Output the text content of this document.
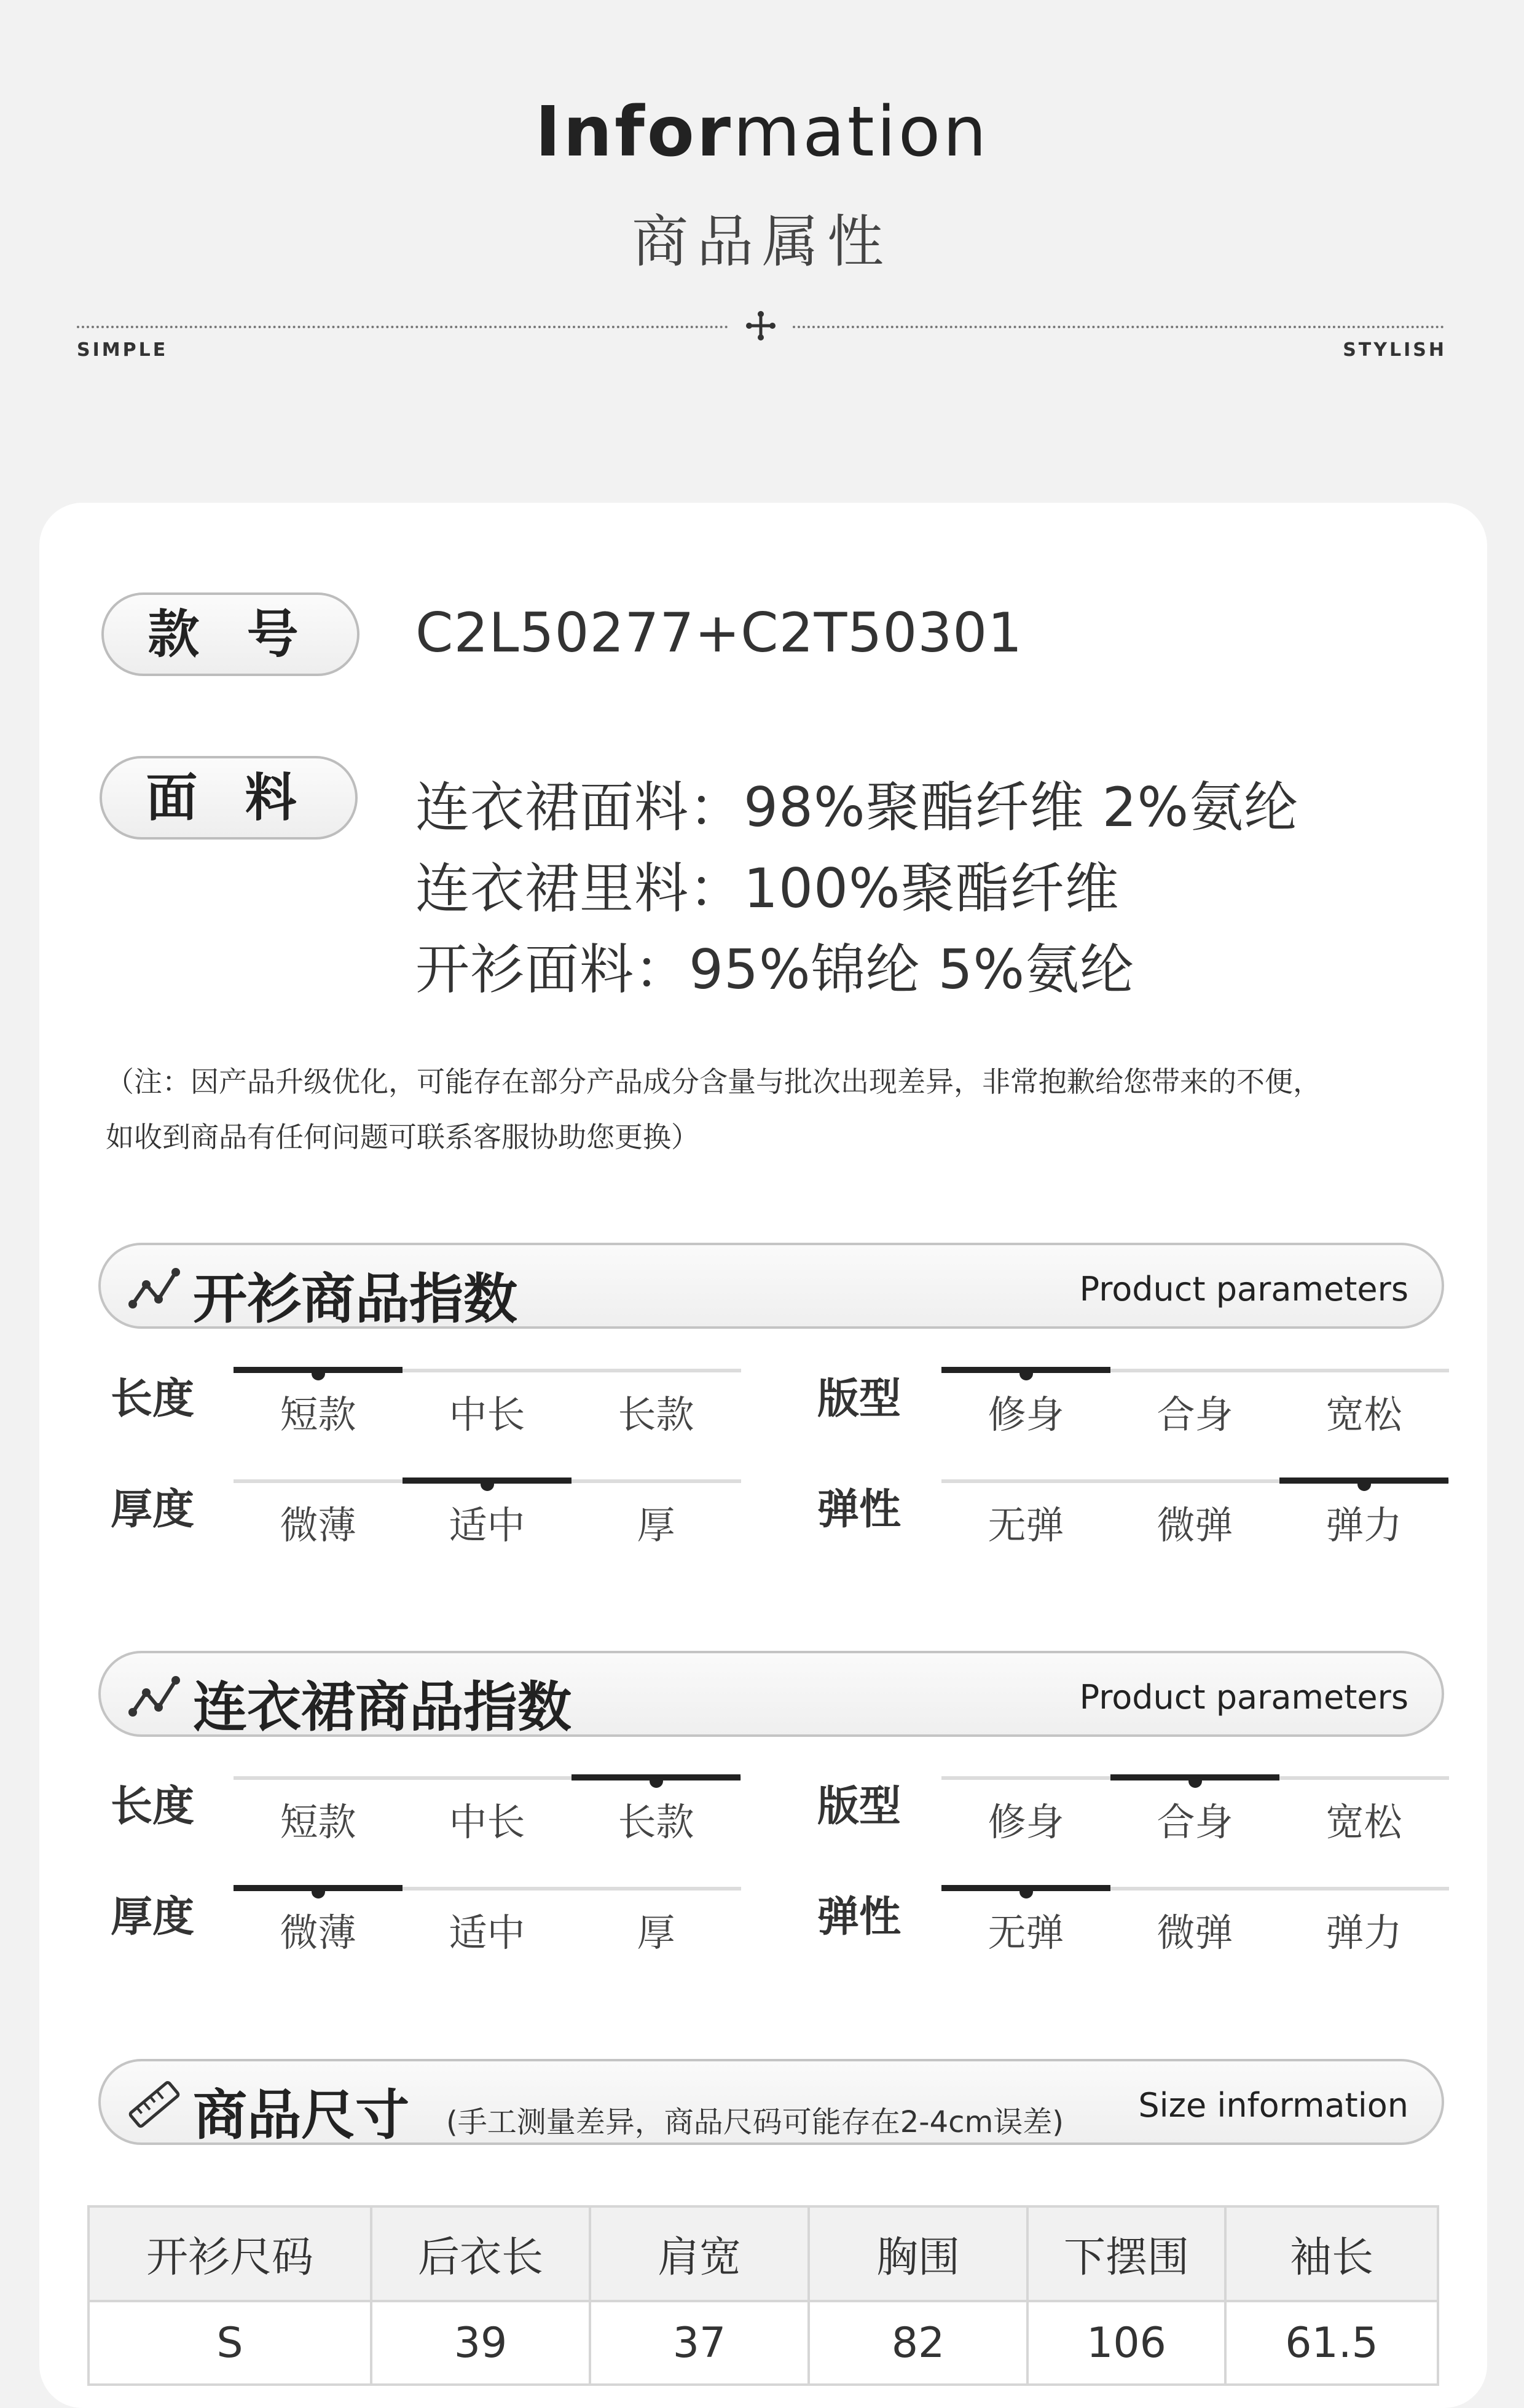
Information
商品属性
SIMPLE	STYLISH
款 号	C2L50277+C2T50301
面 料	连衣裙面料：98%聚酯纤维 2%氨纶
连衣裙里料：100%聚酯纤维
开衫面料：95%锦纶 5%氨纶
（注：因产品升级优化，可能存在部分产品成分含量与批次出现差异，非常抱歉给您带来的不便，
如收到商品有任何问题可联系客服协助您更换）
开衫商品指数	Product parameters
长度	短款	中长	长款	版型	修身	合身	宽松
厚度	微薄	适中	厚	弹性	无弹	微弹	弹力
连衣裙商品指数	Product parameters
长度	短款	中长	长款	版型	修身	合身	宽松
厚度	微薄	适中	厚	弹性	无弹	微弹	弹力
商品尺寸 (手工测量差异，商品尺码可能存在2-4cm误差) Size information
开衫尺码	后衣长	肩宽	胸围	下摆围	袖长
S	39	37	82	106	61.5
